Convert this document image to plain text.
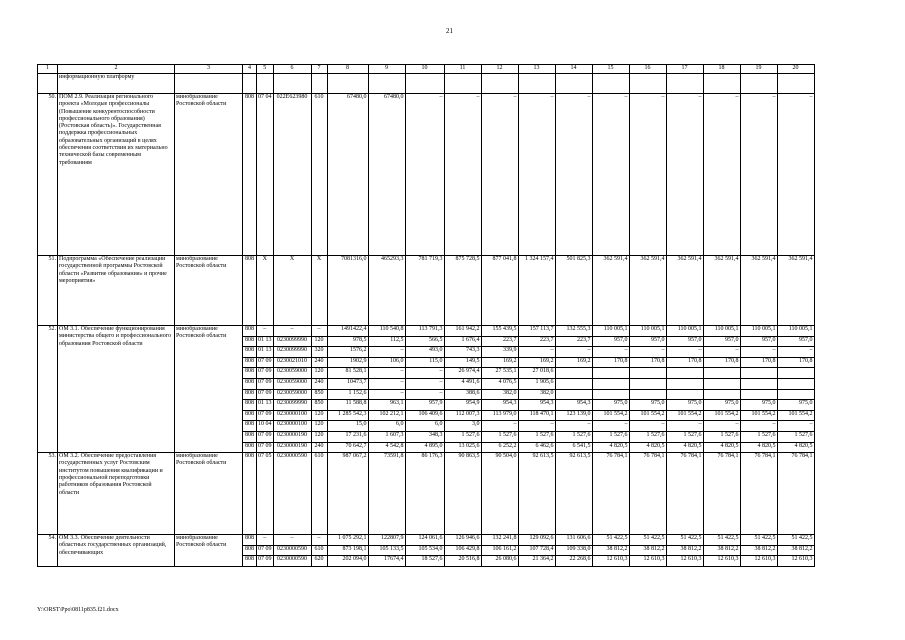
21
1	2	3	4	5	6	7	8	9	10	11	12	13	14	15	16	17	18	19	20
	информационную платформу																		
50.	ПОМ 2.9. Реализация регионального проекта «Молодые профессионалы (Повышение конкурентоспособности профессионального образования) (Ростовская область)». Государственная поддержка профессиональных образовательных организаций в целях обеспечения соответствия их материально технической базы современным требованиям	минобразование Ростовской области	808	07 04	022E623980	610	67480,0	67480,0	–	–	–	–	–	–	–	–	–	–	–
51.	Подпрограмма «Обеспечение реализации государственной программы Ростовской области «Развитие образования» и прочие мероприятия»	минобразование Ростовской области	808	Х	Х	Х	7081316,0	465293,3	781 719,3	875 728,5	877 041,8	1 324 157,4	501 825,3	362 591,4	362 591,4	362 591,4	362 591,4	362 591,4	362 591,4
52.	ОМ 3.1. Обеспечение функционирования министерства общего и профессионального образования Ростовской области	минобразование Ростовской области	808	–	–	–	1491422,4	110 540,8	113 791,3	161 942,2	155 439,5	157 113,7	132 555,3	110 005,1	110 005,1	110 005,1	110 005,1	110 005,1	110 005,1
			808	01 13	0230099990	120	978,5	112,5	566,5	1 676,4	223,7	223,7	223,7	957,0	957,0	957,0	957,0	957,0	957,0
			808	01 13	0230099990	320	1576,2	–	493,0	743,3	339,9	–	–	–	–	–	–	–	–
			808	07 09	0230021010	240	1902,9	106,0	115,0	149,5	169,2	169,2	169,2	170,8	170,8	170,8	170,8	170,8	170,8
			808	07 09	0230059000	120	81 528,1	–	–	26 974,4	27 535,1	27 018,6							
			808	07 09	0230059000	240	10473,7	–	–	4 491,6	4 076,5	1 905,6							
			808	07 09	0230059000	850	1 152,6	–	–	388,6	382,0	382,0							
			808	01 13	0230099990	850	11 588,8	963,1	957,9	954,9	954,3	954,3	954,3	975,0	975,0	975,0	975,0	975,0	975,0
			808	07 09	0230000100	120	1 285 542,3	102 212,1	106 409,6	112 007,3	113 979,0	118 470,1	123 139,0	101 554,2	101 554,2	101 554,2	101 554,2	101 554,2	101 554,2
			808	10 04	0230000100	120	15,0	6,0	6,0	3,0	–	–	–	–	–	–	–	–	–
			808	07 09	0230000190	120	17 231,6	1 607,3	348,3	1 527,6	1 527,6	1 527,6	1 527,6	1 527,6	1 527,6	1 527,6	1 527,6	1 527,6	1 527,6
			808	07 09	0230000190	240	70 642,7	4 542,8	4 895,0	13 025,6	6 252,2	6 462,6	6 541,5	4 820,5	4 820,5	4 820,5	4 820,5	4 820,5	4 820,5
53.	ОМ 3.2. Обеспечение предоставления государственных услуг Ростовским институтом повышения квалификации и профессиональной переподготовки работников образования Ростовской области	минобразование Ростовской области	808	07 05	0230000590	610	987 067,2	73591,8	86 176,3	90 863,5	90 504,0	92 613,5	92 613,5	76 784,1	76 784,1	76 784,1	76 784,1	76 784,1	76 784,1
54.	ОМ 3.3. Обеспечение деятельности областных государственных организаций, обеспечивающих	минобразование Ростовской области	808	–	–	–	1 075 292,1	122807,9	124 061,6	126 946,6	132 241,8	129 092,6	131 606,6	51 422,5	51 422,5	51 422,5	51 422,5	51 422,5	51 422,5
			808	07 09	0230000590	610	873 198,1	105 133,5	105 534,0	106 429,8	106 161,2	107 728,4	109 338,0	38 812,2	38 812,2	38 812,2	38 812,2	38 812,2	38 812,2
			808	07 09	0230000590	620	202 094,0	17674,4	18 527,6	20 516,8	26 080,6	21 364,2	22 268,6	12 610,3	12 610,3	12 610,3	12 610,3	12 610,3	12 610,3
Y:\ORST\Ppo\0811p835.f21.docx
